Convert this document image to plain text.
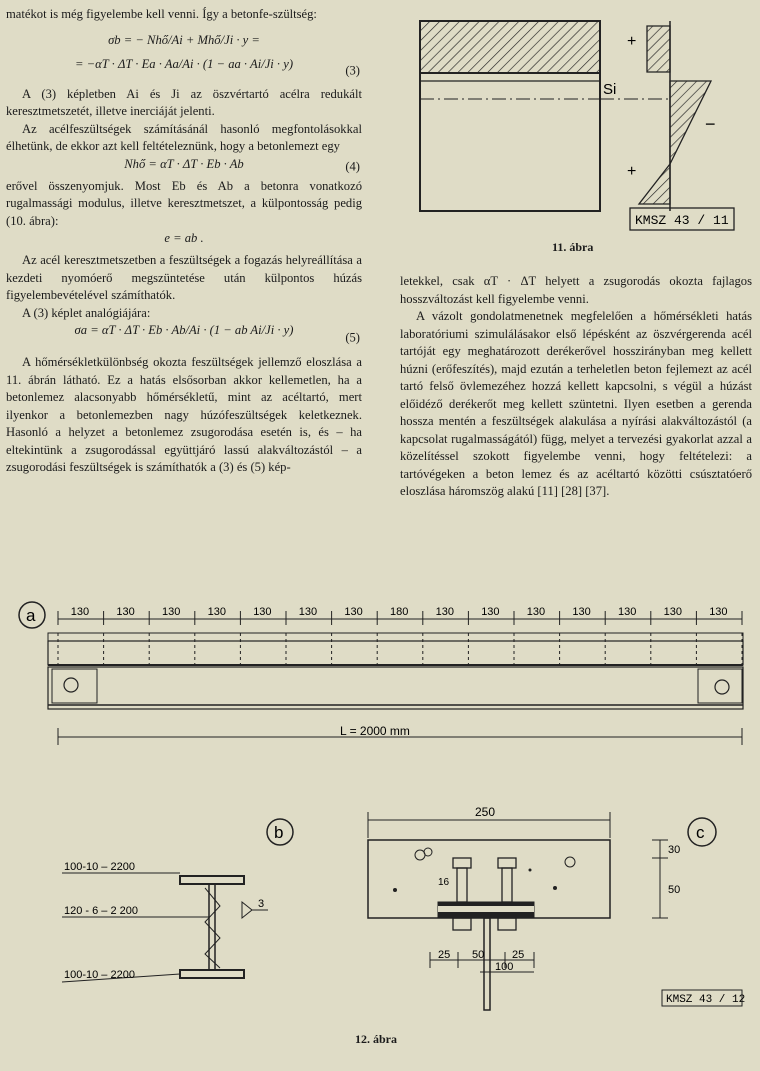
matékot is még figyelembe kell venni. Így a betonfe-szültség:

σb = − Nhő/Ai + Mhő/Ji · y =
= −αT · ΔT · Ea · Aa/Ai · (1 − aa · Ai/Ji · y)	(3)

A (3) képletben Ai és Ji az öszvértartó acélra redukált keresztmetszetét, illetve inerciáját jelenti.

Az acélfeszültségek számításánál hasonló megfontolásokkal élhetünk, de ekkor azt kell feltételeznünk, hogy a betonlemezt egy

Nhő = αT · ΔT · Eb · Ab	(4)

erővel összenyomjuk. Most Eb és Ab a betonra vonatkozó rugalmassági modulus, illetve keresztmetszet, a külpontosság pedig (10. ábra):

e = ab .

Az acél keresztmetszetben a feszültségek a fogazás helyreállítása a kezdeti nyomóerő megszüntetése után külpontos húzás figyelembevételével számíthatók.

A (3) képlet analógiájára:

σa = αT · ΔT · Eb · Ab/Ai · (1 − ab Ai/Ji · y)
(5)

A hőmérsékletkülönbség okozta feszültségek jellemző eloszlása a 11. ábrán látható. Ez a hatás elsősorban akkor kellemetlen, ha a betonlemez alacsonyabb hőmérsékletű, mint az acéltartó, mert ilyenkor a betonlemezben nagy húzófeszültségek keletkeznek. Hasonló a helyzet a betonlemez zsugorodása esetén is, és – ha eltekintünk a zsugorodással együttjáró lassú alakváltozástól – a zsugorodási feszültségek is számíthatók a (3) és (5) kép-

+
Si
−
+
KMSZ 43 / 11
11. ábra

letekkel, csak αT · ΔT helyett a zsugorodás okozta fajlagos hosszváltozást kell figyelembe venni.

A vázolt gondolatmenetnek megfelelően a hőmérsékleti hatás laboratóriumi szimulálásakor első lépésként az öszvérgerenda acél tartóját egy meghatározott derékerővel hosszirányban meg kellett húzni (erőfeszítés), majd ezután a terheletlen beton fejlemezt az acél tartó felső övlemezéhez hozzá kellett kapcsolni, s végül a húzást előidéző derékerőt meg kellett szüntetni. Ilyen esetben a gerenda hossza mentén a feszültségek alakulása a nyírási alakváltozástól (a kapcsolat rugalmasságától) függ, melyet a tervezési gyakorlat azzal a közelítéssel szokott figyelembe venni, hogy feltételezi: a tartóvégeken a beton lemez és az acéltartó közötti csúsztatóerő eloszlása háromszög alakú [11] [28] [37].

a	130 130 130 130 130 130 130 180 130 130 130 130 130 130 130
L = 2000 mm
b
100-10 – 2200
120 - 6 – 2 200
100-10 – 2200
3
c
250
30
50
16
25 50	25
100
KMSZ 43 / 12
12. ábra
